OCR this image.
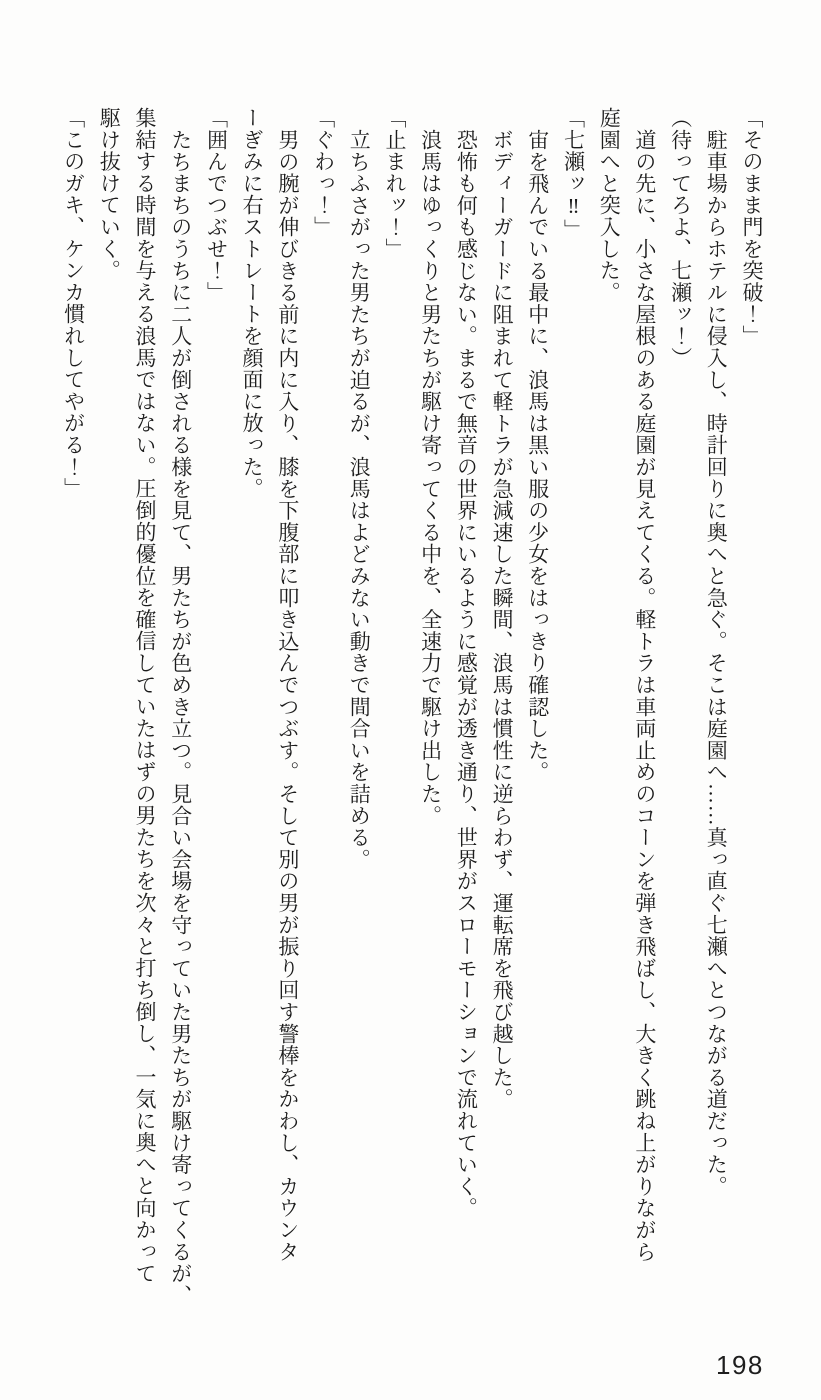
「そのまま門を突破！」

駐車場からホテルに侵入し、時計回りに奥へと急ぐ。そこは庭園へ……真っ直ぐ七瀬へとつながる道だった。

（待ってろよ、七瀬ッ！）

道の先に、小さな屋根のある庭園が見えてくる。軽トラは車両止めのコーンを弾き飛ばし、大きく跳ね上がりながら

庭園へと突入した。

「七瀬ッ‼」

宙を飛んでいる最中に、浪馬は黒い服の少女をはっきり確認した。

ボディーガードに阻まれて軽トラが急減速した瞬間、浪馬は慣性に逆らわず、運転席を飛び越した。

恐怖も何も感じない。まるで無音の世界にいるように感覚が透き通り、世界がスローモーションで流れていく。

浪馬はゆっくりと男たちが駆け寄ってくる中を、全速力で駆け出した。

「止まれッ！」

立ちふさがった男たちが迫るが、浪馬はよどみない動きで間合いを詰める。

「ぐわっ！」

男の腕が伸びきる前に内に入り、膝を下腹部に叩き込んでつぶす。そして別の男が振り回す警棒をかわし、カウンタ

ーぎみに右ストレートを顔面に放った。

「囲んでつぶせ！」

たちまちのうちに二人が倒される様を見て、男たちが色めき立つ。見合い会場を守っていた男たちが駆け寄ってくるが、

集結する時間を与える浪馬ではない。圧倒的優位を確信していたはずの男たちを次々と打ち倒し、一気に奥へと向かって

駆け抜けていく。

「このガキ、ケンカ慣れしてやがる！」

198
